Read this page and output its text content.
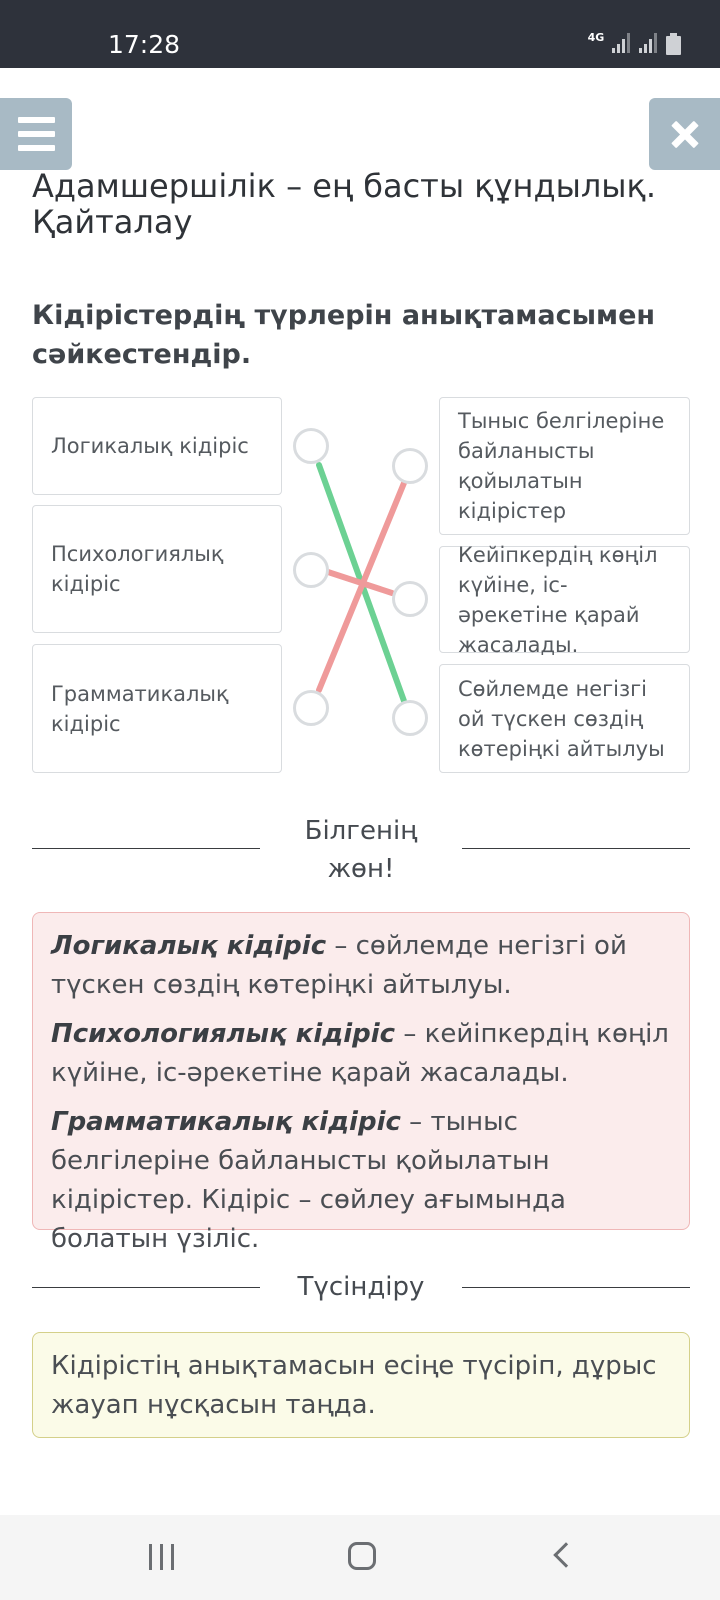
17:28	4G
Адамшершілік – ең басты құндылық. Қайталау
Кідірістердің түрлерін анықтамасымен сәйкестендір.
Логикалық кідіріс
Психологиялық кідіріс
Грамматикалық кідіріс
Тыныс белгілеріне байланысты қойылатын кідірістер
Кейіпкердің көңіл күйіне, іс-әрекетіне қарай жасалады.
Сөйлемде негізгі ой түскен сөздің көтеріңкі айтылуы
Білгенің жөн!

Логикалық кідіріс – сөйлемде негізгі ой түскен сөздің көтеріңкі айтылуы.

Психологиялық кідіріс – кейіпкердің көңіл күйіне, іс-әрекетіне қарай жасалады.

Грамматикалық кідіріс – тыныс белгілеріне байланысты қойылатын кідірістер. Кідіріс – сөйлеу ағымында болатын үзіліс.

Түсіндіру
Кідірістің анықтамасын есіңе түсіріп, дұрыс жауап нұсқасын таңда.
